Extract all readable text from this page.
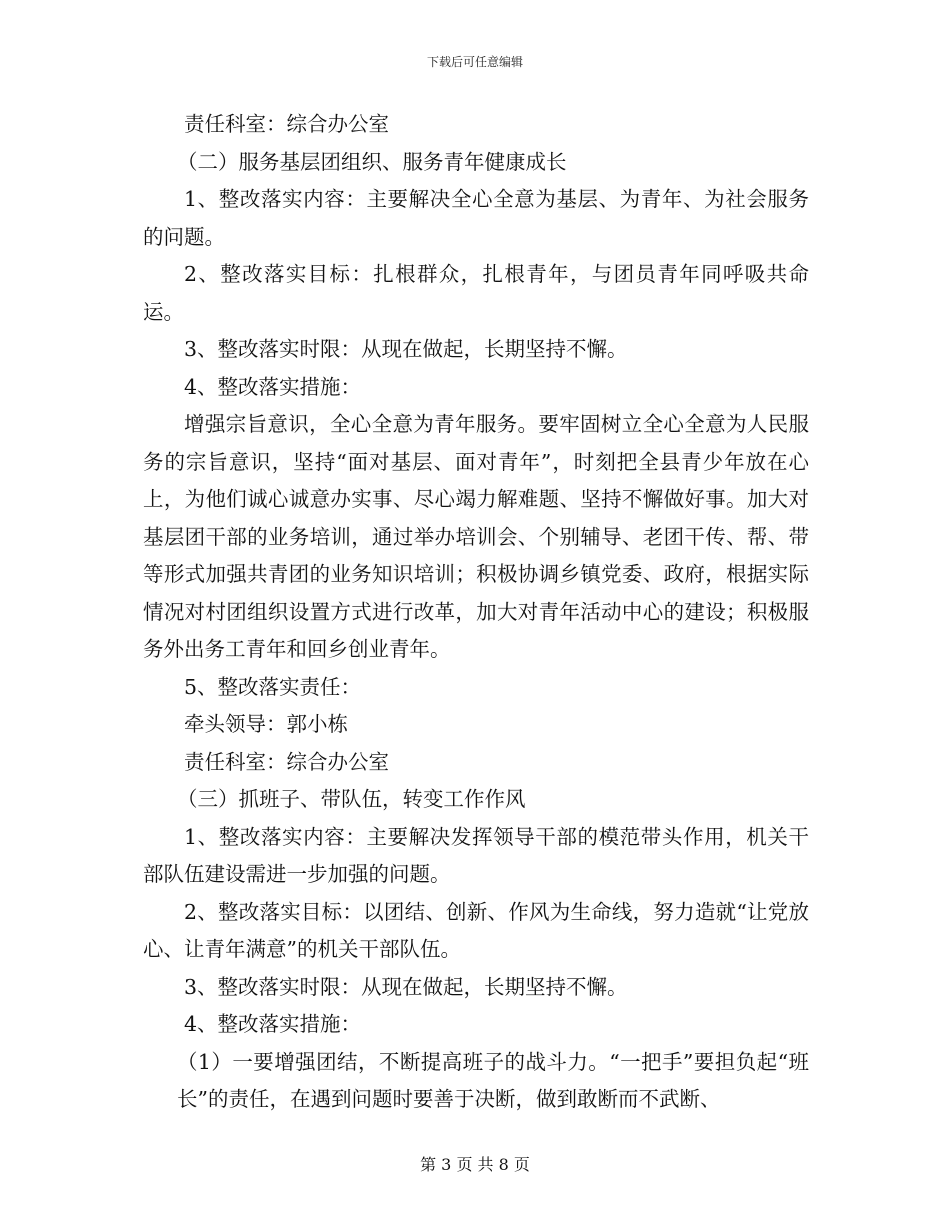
下载后可任意编辑

责任科室：综合办公室

（二）服务基层团组织、服务青年健康成长

1、整改落实内容：主要解决全心全意为基层、为青年、为社会服务的问题。

2、整改落实目标：扎根群众，扎根青年，与团员青年同呼吸共命运。

3、整改落实时限：从现在做起，长期坚持不懈。

4、整改落实措施：

增强宗旨意识，全心全意为青年服务。要牢固树立全心全意为人民服务的宗旨意识，坚持“面对基层、面对青年”，时刻把全县青少年放在心上，为他们诚心诚意办实事、尽心竭力解难题、坚持不懈做好事。加大对基层团干部的业务培训，通过举办培训会、个别辅导、老团干传、帮、带等形式加强共青团的业务知识培训；积极协调乡镇党委、政府，根据实际情况对村团组织设置方式进行改革，加大对青年活动中心的建设；积极服务外出务工青年和回乡创业青年。

5、整改落实责任：

牵头领导：郭小栋

责任科室：综合办公室

（三）抓班子、带队伍，转变工作作风

1、整改落实内容：主要解决发挥领导干部的模范带头作用，机关干部队伍建设需进一步加强的问题。

2、整改落实目标：以团结、创新、作风为生命线，努力造就“让党放心、让青年满意”的机关干部队伍。

3、整改落实时限：从现在做起，长期坚持不懈。

4、整改落实措施：

（1）一要增强团结，不断提高班子的战斗力。“一把手”要担负起“班长”的责任，在遇到问题时要善于决断，做到敢断而不武断、

第 3 页 共 8 页
